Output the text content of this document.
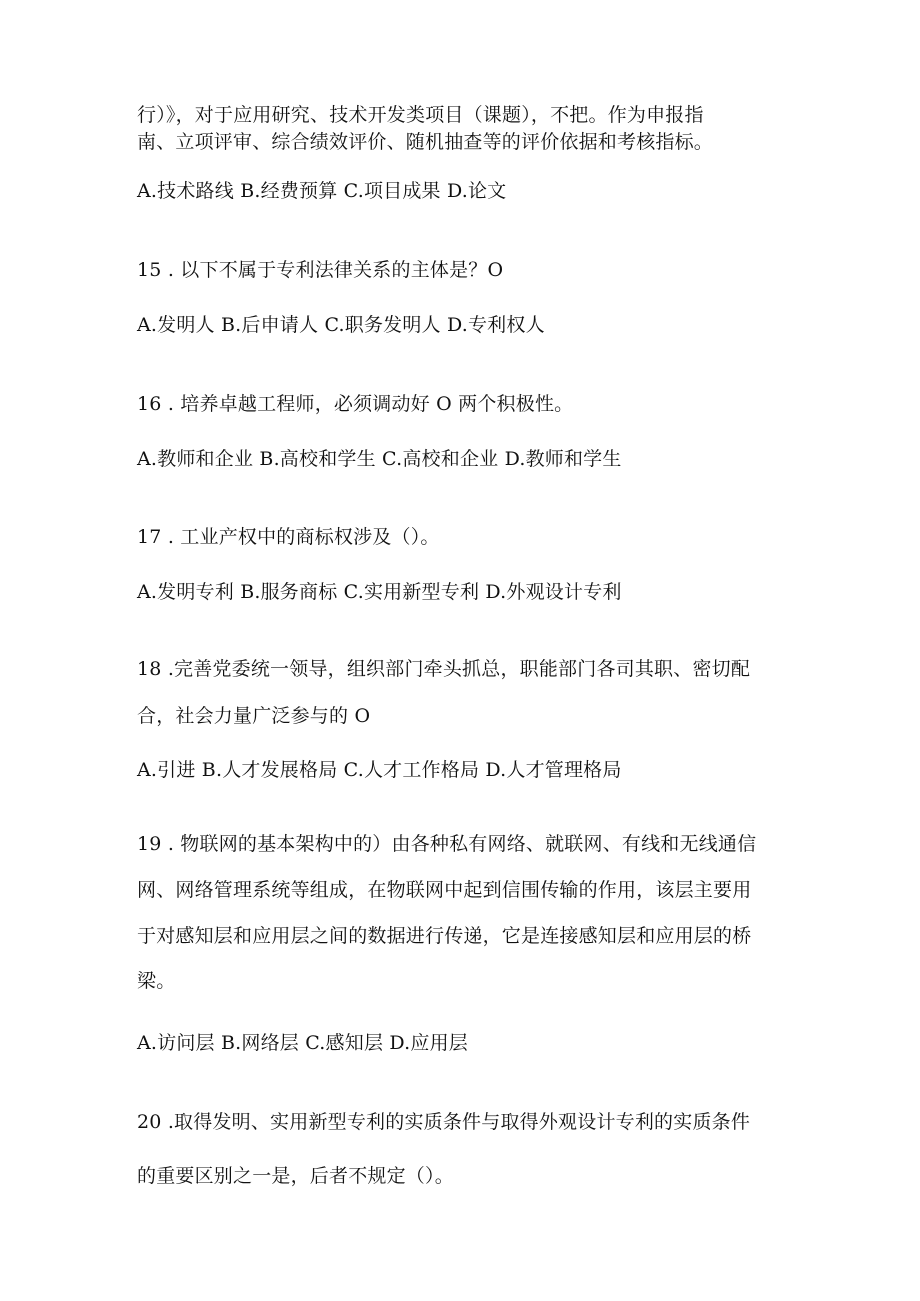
行）》，对于应用研究、技术开发类项目（课题），不把。作为申报指
南、立项评审、综合绩效评价、随机抽查等的评价依据和考核指标。
A.技术路线 B.经费预算 C.项目成果 D.论文
15 . 以下不属于专利法律关系的主体是？O
A.发明人 B.后申请人 C.职务发明人 D.专利权人
16 . 培养卓越工程师，必须调动好 O 两个积极性。
A.教师和企业 B.高校和学生 C.高校和企业 D.教师和学生
17 . 工业产权中的商标权涉及（）。
A.发明专利 B.服务商标 C.实用新型专利 D.外观设计专利
18 .完善党委统一领导，组织部门牵头抓总，职能部门各司其职、密切配
合，社会力量广泛参与的 O
A.引进 B.人才发展格局 C.人才工作格局 D.人才管理格局
19 . 物联网的基本架构中的）由各种私有网络、就联网、有线和无线通信
网、网络管理系统等组成，在物联网中起到信围传输的作用，该层主要用
于对感知层和应用层之间的数据进行传递，它是连接感知层和应用层的桥
梁。
A.访问层 B.网络层 C.感知层 D.应用层
20 .取得发明、实用新型专利的实质条件与取得外观设计专利的实质条件
的重要区别之一是，后者不规定（）。
